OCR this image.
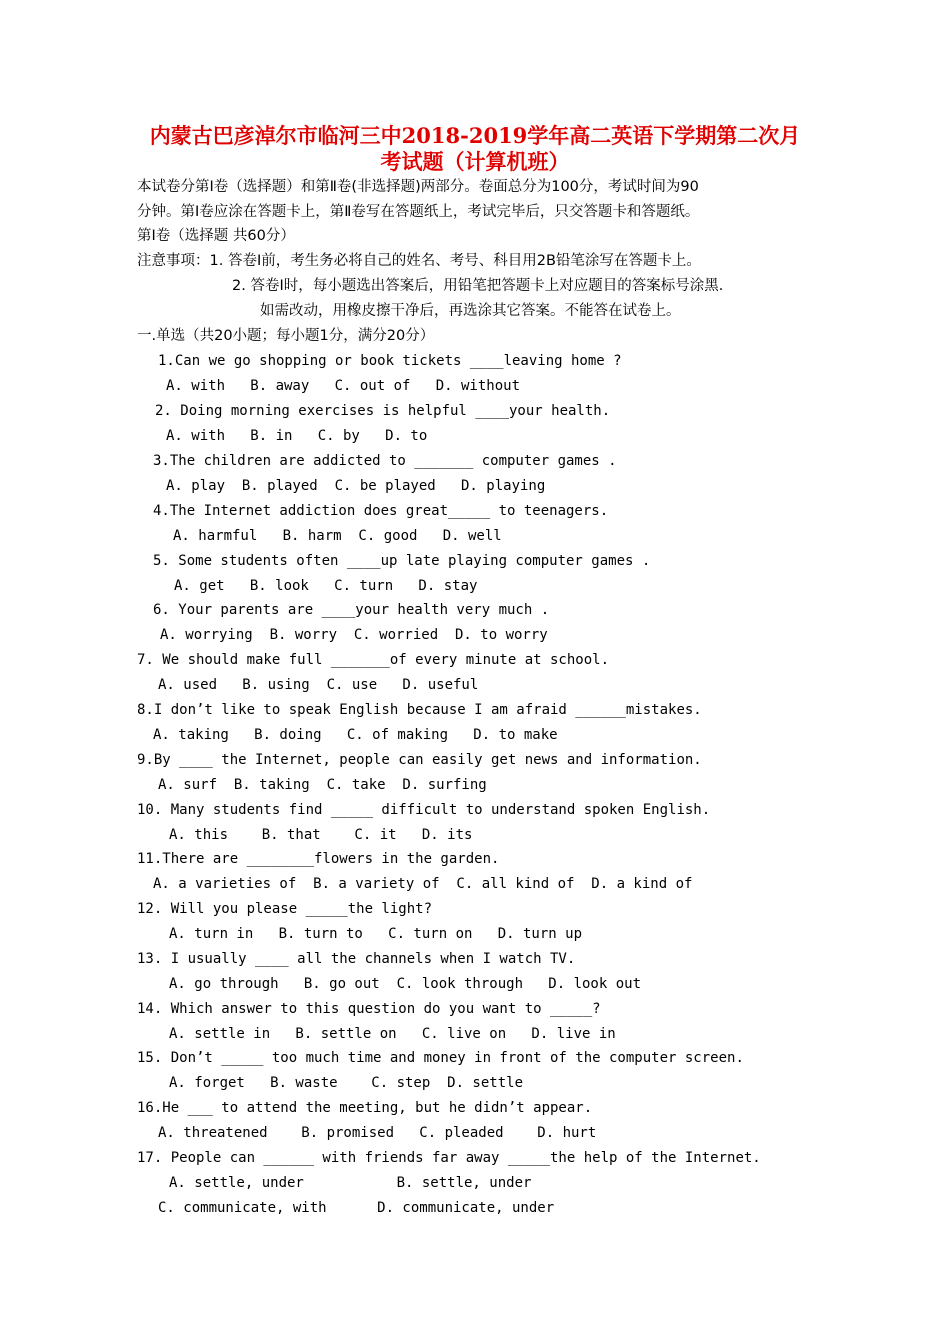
内蒙古巴彦淖尔市临河三中2018-2019学年高二英语下学期第二次月
考试题（计算机班）
本试卷分第Ⅰ卷（选择题）和第Ⅱ卷(非选择题)两部分。卷面总分为100分，考试时间为90
分钟。第Ⅰ卷应涂在答题卡上，第Ⅱ卷写在答题纸上，考试完毕后，只交答题卡和答题纸。
第Ⅰ卷（选择题 共60分）
注意事项：1. 答卷Ⅰ前，考生务必将自己的姓名、考号、科目用2B铅笔涂写在答题卡上。
2. 答卷Ⅰ时，每小题选出答案后，用铅笔把答题卡上对应题目的答案标号涂黑．
如需改动，用橡皮擦干净后，再选涂其它答案。不能答在试卷上。
一.单选（共20小题；每小题1分，满分20分）
1.Can we go shopping or book tickets ____leaving home ?
A. with   B. away   C. out of   D. without
2. Doing morning exercises is helpful ____your health.
A. with   B. in   C. by   D. to
3.The children are addicted to _______ computer games .
A. play  B. played  C. be played   D. playing
4.The Internet addiction does great_____ to teenagers.
A. harmful   B. harm  C. good   D. well
5. Some students often ____up late playing computer games .
A. get   B. look   C. turn   D. stay
6. Your parents are ____your health very much .
A. worrying  B. worry  C. worried  D. to worry
7. We should make full _______of every minute at school.
A. used   B. using  C. use   D. useful
8.I don’t like to speak English because I am afraid ______mistakes.
A. taking   B. doing   C. of making   D. to make
9.By ____ the Internet, people can easily get news and information.
A. surf  B. taking  C. take  D. surfing
10. Many students find _____ difficult to understand spoken English.
A. this    B. that    C. it   D. its
11.There are ________flowers in the garden.
A. a varieties of  B. a variety of  C. all kind of  D. a kind of
12. Will you please _____the light?
A. turn in   B. turn to   C. turn on   D. turn up
13. I usually ____ all the channels when I watch TV.
A. go through   B. go out  C. look through   D. look out
14. Which answer to this question do you want to _____?
A. settle in   B. settle on   C. live on   D. live in
15. Don’t _____ too much time and money in front of the computer screen.
A. forget   B. waste    C. step  D. settle
16.He ___ to attend the meeting, but he didn’t appear.
A. threatened    B. promised   C. pleaded    D. hurt
17. People can ______ with friends far away _____the help of the Internet.
A. settle, under           B. settle, under
C. communicate, with      D. communicate, under
